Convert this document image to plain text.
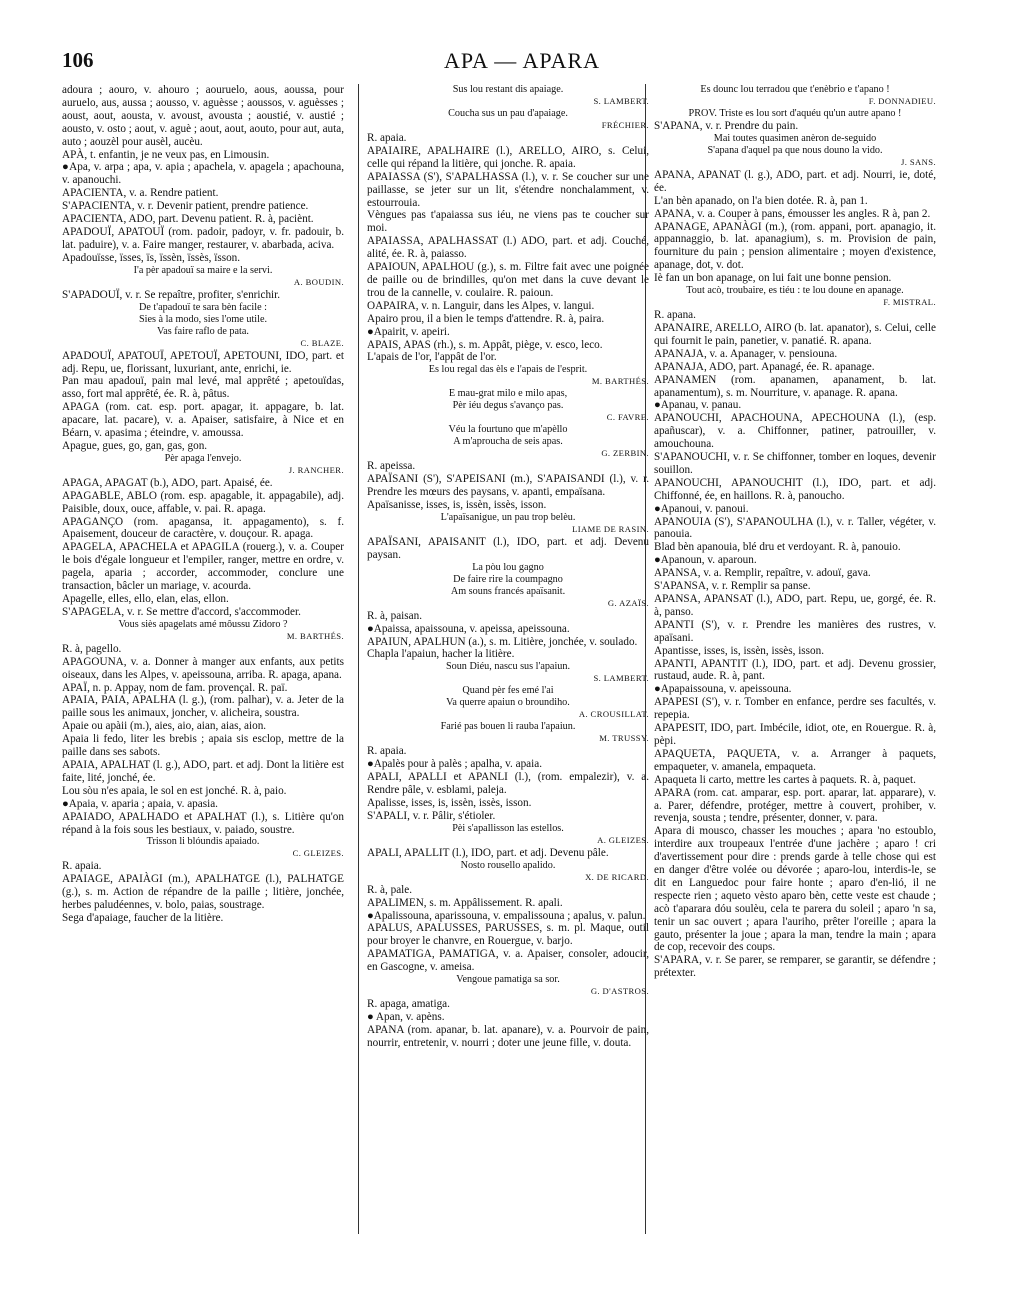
106	APA — APARA

adoura ; aouro, v. ahouro ; aouruelo, aous, aoussa, pour auruelo, aus, aussa ; aousso, v. aguèsse ; aoussos, v. aguèsses ; aoust, aout, aousta, v. avoust, avousta ; aoustié, v. austié ; aousto, v. osto ; aout, v. aguè ; aout, aout, aouto, pour aut, auta, auto ; aouzèl pour ausèl, aucèu.

APÀ, t. enfantin, je ne veux pas, en Limousin.

●Apa, v. arpa ; apa, v. apia ; apachela, v. apagela ; apachouna, v. apanouchi.

APACIENTA, v. a. Rendre patient.

S'APACIENTA, v. r. Devenir patient, prendre patience.

APACIENTA, ADO, part. Devenu patient. R. à, paciènt.

APADOUÏ, APATOUÏ (rom. padoir, padoyr, v. fr. padouir, b. lat. paduire), v. a. Faire manger, restaurer, v. abarbada, aciva.

Apadouïsse, ïsses, ïs, ïssèn, ïssès, ïsson.

I'a pèr apadouï sa maire e la servi.

A. BOUDIN.

S'APADOUÏ, v. r. Se repaître, profiter, s'enrichir.

De t'apadouï te sara bèn facile :

Sies à la modo, sies l'ome utile.

Vas faire raflo de pata.

C. BLAZE.

APADOUÏ, APATOUÏ, APETOUÏ, APETOUNI, IDO, part. et adj. Repu, ue, florissant, luxuriant, ante, enrichi, ie.

Pan mau apadouï, pain mal levé, mal apprêté ; apetouïdas, asso, fort mal apprêté, ée. R. à, pâtus.

APAGA (rom. cat. esp. port. apagar, it. appagare, b. lat. apacare, lat. pacare), v. a. Apaiser, satisfaire, à Nice et en Béarn, v. apasima ; éteindre, v. amoussa.

Apague, gues, go, gan, gas, gon.

Pèr apaga l'envejo.

J. RANCHER.

APAGA, APAGAT (b.), ADO, part. Apaisé, ée.

APAGABLE, ABLO (rom. esp. apagable, it. appagabile), adj. Paisible, doux, ouce, affable, v. pai. R. apaga.

APAGANÇO (rom. apagansa, it. appagamento), s. f. Apaisement, douceur de caractère, v. douçour. R. apaga.

APAGELA, APACHELA et APAGILA (rouerg.), v. a. Couper le bois d'égale longueur et l'empiler, ranger, mettre en ordre, v. pagela, aparia ; accorder, accommoder, conclure une transaction, bâcler un mariage, v. acourda.

Apagelle, elles, ello, elan, elas, ellon.

S'APAGELA, v. r. Se mettre d'accord, s'accommoder.

Vous siès apagelats amé môussu Zidoro ?

M. BARTHÉS.

R. à, pagello.

APAGOUNA, v. a. Donner à manger aux enfants, aux petits oiseaux, dans les Alpes, v. apeissouna, arriba. R. apaga, apana.

APAÏ, n. p. Appay, nom de fam. provençal. R. paï.

APAIA, PAIA, APALHA (l. g.), (rom. palhar), v. a. Jeter de la paille sous les animaux, joncher, v. alicheira, soustra.

Apaie ou apàii (m.), aies, aio, aian, aias, aion.

Apaia li fedo, liter les brebis ; apaia sis esclop, mettre de la paille dans ses sabots.

APAIA, APALHAT (l. g.), ADO, part. et adj. Dont la litière est faite, lité, jonché, ée.

Lou sòu n'es apaia, le sol en est jonché. R. à, paio.

●Apaia, v. aparia ; apaia, v. apasia.

APAIADO, APALHADO et APALHAT (l.), s. Litière qu'on répand à la fois sous les bestiaux, v. paiado, soustre.

Trisson li blóundis apaiado.

C. GLEIZES.

R. apaia.

APAIAGE, APAIÀGI (m.), APALHATGE (l.), PALHATGE (g.), s. m. Action de répandre de la paille ; litière, jonchée, herbes paludéennes, v. bolo, paias, soustrage.

Sega d'apaiage, faucher de la litière.

Sus lou restant dis apaiage.

S. LAMBERT.

Coucha sus un pau d'apaiage.

FRÉCHIER.

R. apaia.

APAIAIRE, APALHAIRE (l.), ARELLO, AIRO, s. Celui, celle qui répand la litière, qui jonche. R. apaia.

APAIASSA (S'), S'APALHASSA (l.), v. r. Se coucher sur une paillasse, se jeter sur un lit, s'étendre nonchalamment, v. estourrouia.

Vèngues pas t'apaiassa sus iéu, ne viens pas te coucher sur moi.

APAIASSA, APALHASSAT (l.) ADO, part. et adj. Couché, alité, ée. R. à, paiasso.

APAIOUN, APALHOU (g.), s. m. Filtre fait avec une poignée de paille ou de brindilles, qu'on met dans la cuve devant le trou de la cannelle, v. coulaire. R. paioun.

OAPAIRA, v. n. Languir, dans les Alpes, v. langui.

Apairo prou, il a bien le temps d'attendre. R. à, paira.

●Apairit, v. apeiri.

APAIS, APAS (rh.), s. m. Appât, piège, v. esco, leco.

L'apais de l'or, l'appât de l'or.

Es lou regal das èls e l'apais de l'esprit.

M. BARTHÉS.

E mau-grat milo e milo apas,

Pèr iéu degus s'avanço pas.

C. FAVRE.

Véu la fourtuno que m'apèllo

A m'aproucha de seis apas.

G. ZERBIN.

R. apeissa.

APAÏSANI (S'), S'APEISANI (m.), S'APAISANDI (l.), v. r. Prendre les mœurs des paysans, v. apanti, empaïsana.

Apaïsanisse, isses, is, issèn, issès, isson.

L'apaïsanigue, un pau trop belèu.

LIAME DE RASIN.

APAÏSANI, APAISANIT (l.), IDO, part. et adj. Devenu paysan.

La pòu lou gagno

De faire rire la coumpagno

Am souns francés apaïsanit.

G. AZAÏS.

R. à, paisan.

●Apaissa, apaissouna, v. apeissa, apeissouna.

APAIUN, APALHUN (a.), s. m. Litière, jonchée, v. soulado.

Chapla l'apaiun, hacher la litière.

Soun Diéu, nascu sus l'apaiun.

S. LAMBERT.

Quand pèr fes emé l'ai

Va querre apaiun o broundiho.

A. CROUSILLAT.

Farié pas bouen li rauba l'apaiun.

M. TRUSSY.

R. apaia.

●Apalès pour à palès ; apalha, v. apaia.

APALI, APALLI et APANLI (l.), (rom. empalezir), v. a. Rendre pâle, v. esblami, paleja.

Apalisse, isses, is, issèn, issès, isson.

S'APALI, v. r. Pâlir, s'étioler.

Pèi s'apallisson las estellos.

A. GLEIZES.

APALI, APALLIT (l.), IDO, part. et adj. Devenu pâle.

Nosto rousello apalido.

X. DE RICARD.

R. à, pale.

APALIMEN, s. m. Appâlissement. R. apali.

●Apalissouna, aparissouna, v. empalissouna ; apalus, v. palun.

APALUS, APALUSSES, PARUSSES, s. m. pl. Maque, outil pour broyer le chanvre, en Rouergue, v. barjo.

APAMATIGA, PAMATIGA, v. a. Apaiser, consoler, adoucir, en Gascogne, v. ameisa.

Vengoue pamatiga sa sor.

G. D'ASTROS.

R. apaga, amatiga.

● Apan, v. apèns.

APANA (rom. apanar, b. lat. apanare), v. a. Pourvoir de pain, nourrir, entretenir, v. nourri ; doter une jeune fille, v. douta.

Es dounc lou terradou que t'enèbrio e t'apano !

F. DONNADIEU.

PROV. Triste es lou sort d'aquéu qu'un autre apano !

S'APANA, v. r. Prendre du pain.

Mai toutes quasimen anèron de-seguido

S'apana d'aquel pa que nous douno la vido.

J. SANS.

APANA, APANAT (l. g.), ADO, part. et adj. Nourri, ie, doté, ée.

L'an bèn apanado, on l'a bien dotée. R. à, pan 1.

APANA, v. a. Couper à pans, émousser les angles. R à, pan 2.

APANAGE, APANÀGI (m.), (rom. appani, port. apanagio, it. appannaggio, b. lat. apanagium), s. m. Provision de pain, fourniture du pain ; pension alimentaire ; moyen d'existence, apanage, dot, v. dot.

Iè fan un bon apanage, on lui fait une bonne pension.

Tout acò, troubaire, es tiéu : te lou doune en apanage.

F. MISTRAL.

R. apana.

APANAIRE, ARELLO, AIRO (b. lat. apanator), s. Celui, celle qui fournit le pain, panetier, v. panatié. R. apana.

APANAJA, v. a. Apanager, v. pensiouna.

APANAJA, ADO, part. Apanagé, ée. R. apanage.

APANAMEN (rom. apanamen, apanament, b. lat. apanamentum), s. m. Nourriture, v. apanage. R. apana.

●Apanau, v. panau.

APANOUCHI, APACHOUNA, APECHOUNA (l.), (esp. apañuscar), v. a. Chiffonner, patiner, patrouiller, v. amouchouna.

S'APANOUCHI, v. r. Se chiffonner, tomber en loques, devenir souillon.

APANOUCHI, APANOUCHIT (l.), IDO, part. et adj. Chiffonné, ée, en haillons. R. à, panoucho.

●Apanoui, v. panoui.

APANOUIA (S'), S'APANOULHA (l.), v. r. Taller, végéter, v. panouia.

Blad bèn apanouia, blé dru et verdoyant. R. à, panouio.

●Apanoun, v. aparoun.

APANSA, v. a. Remplir, repaître, v. adouï, gava.

S'APANSA, v. r. Remplir sa panse.

APANSA, APANSAT (l.), ADO, part. Repu, ue, gorgé, ée. R. à, panso.

APANTI (S'), v. r. Prendre les manières des rustres, v. apaïsani.

Apantisse, isses, is, issèn, issès, isson.

APANTI, APANTIT (l.), IDO, part. et adj. Devenu grossier, rustaud, aude. R. à, pant.

●Apapaissouna, v. apeissouna.

APAPESI (S'), v. r. Tomber en enfance, perdre ses facultés, v. repepia.

APAPESIT, IDO, part. Imbécile, idiot, ote, en Rouergue. R. à, pèpi.

APAQUETA, PAQUETA, v. a. Arranger à paquets, empaqueter, v. amanela, empaqueta.

Apaqueta li carto, mettre les cartes à paquets. R. à, paquet.

APARA (rom. cat. amparar, esp. port. aparar, lat. apparare), v. a. Parer, défendre, protéger, mettre à couvert, prohiber, v. revenja, sousta ; tendre, présenter, donner, v. para.

Apara di mousco, chasser les mouches ; apara 'no estoublo, interdire aux troupeaux l'entrée d'une jachère ; aparo ! cri d'avertissement pour dire : prends garde à telle chose qui est en danger d'être volée ou dévorée ; aparo-lou, interdis-le, se dit en Languedoc pour faire honte ; aparo d'en-lió, il ne respecte rien ; aqueto vèsto aparo bèn, cette veste est chaude ; acò t'aparara dóu soulèu, cela te parera du soleil ; aparo 'n sa, tenir un sac ouvert ; apara l'auriho, prêter l'oreille ; apara la gauto, présenter la joue ; apara la man, tendre la main ; apara de cop, recevoir des coups.

S'APARA, v. r. Se parer, se remparer, se garantir, se défendre ; prétexter.
